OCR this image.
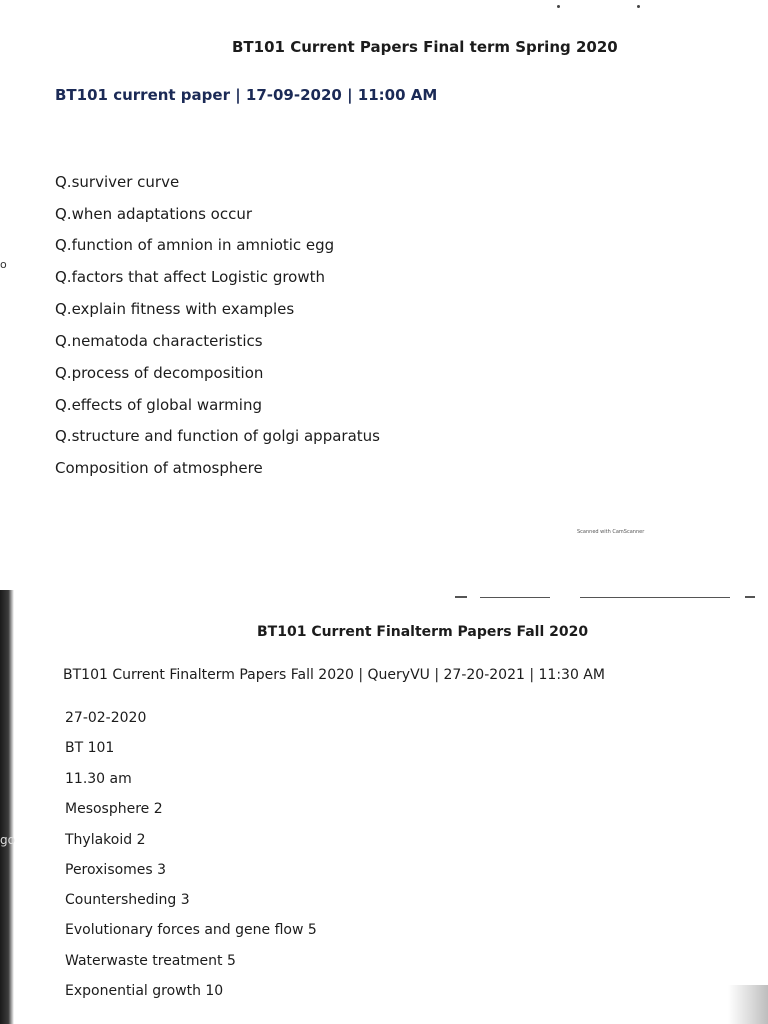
BT101 Current Papers Final term Spring 2020
BT101 current paper | 17-09-2020 | 11:00 AM
Q.surviver curve
Q.when adaptations occur
Q.function of amnion in amniotic egg
Q.factors that affect Logistic growth
Q.explain fitness with examples
Q.nematoda characteristics
Q.process of decomposition
Q.effects of global warming
Q.structure and function of golgi apparatus
Composition of atmosphere
o
Scanned with CamScanner
BT101 Current Finalterm Papers Fall 2020
BT101 Current Finalterm Papers Fall 2020 | QueryVU | 27-20-2021 | 11:30 AM
27-02-2020
BT 101
11.30 am
Mesosphere 2
Thylakoid 2
Peroxisomes 3
Countersheding 3
Evolutionary forces and gene flow 5
Waterwaste treatment 5
Exponential growth 10
go
